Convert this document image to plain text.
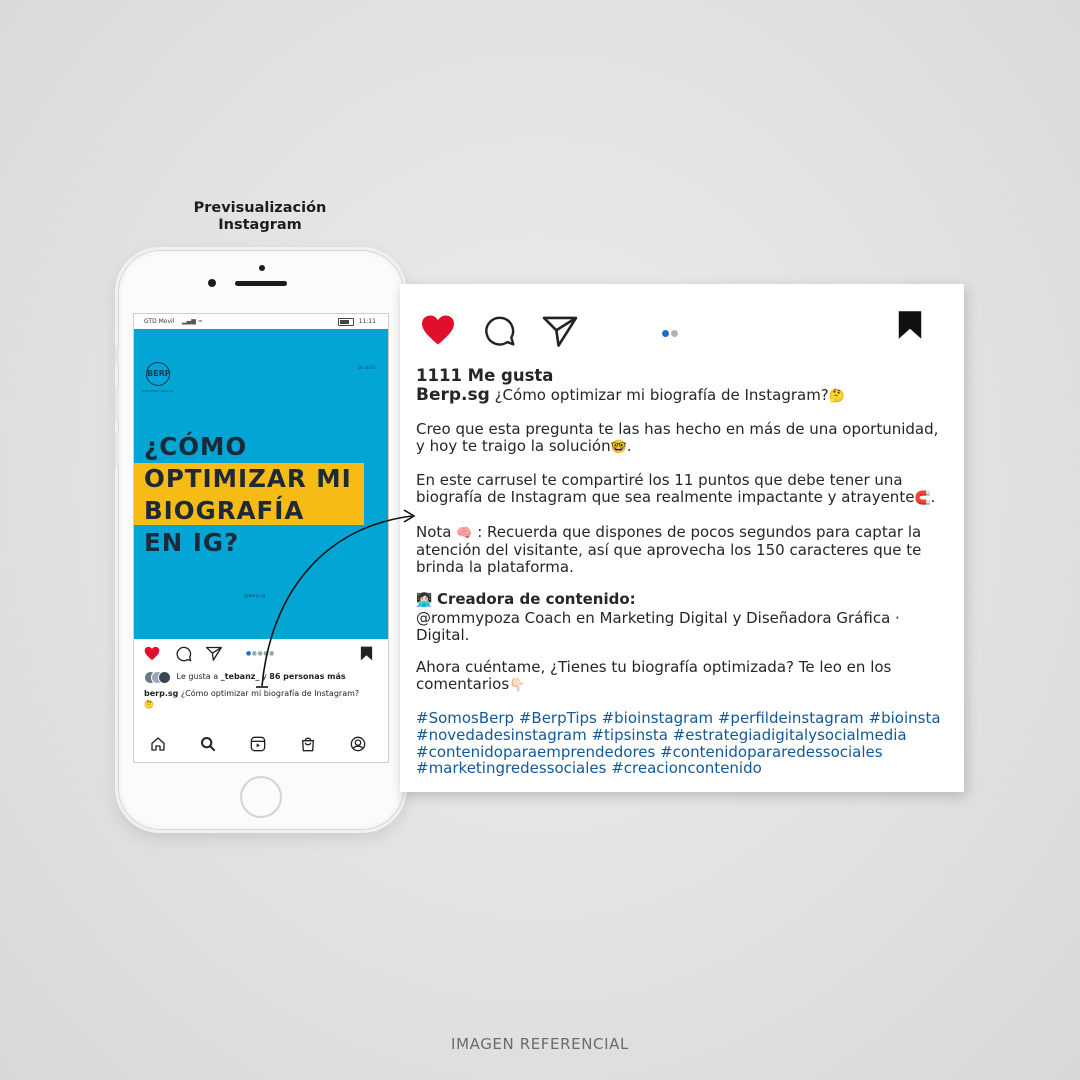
Previsualización
Instagram
GTD Movil ▂▄▆ ≈	11:11
BERP
STRATEGY GROUP
03 ab 01
¿CÓMO
OPTIMIZAR MI
BIOGRAFÍA
EN IG?
@berp.sg
●●●●●
Le gusta a _tebanz_ y 86 personas más
berp.sg ¿Cómo optimizar mi biografía de Instagram?
🤔

1111 Me gusta

Berp.sg ¿Cómo optimizar mi biografía de Instagram?🤔

Creo que esta pregunta te las has hecho en más de una oportunidad, y hoy te traigo la solución🤓.

En este carrusel te compartiré los 11 puntos que debe tener una biografía de Instagram que sea realmente impactante y atrayente🧲.

Nota 🧠 : Recuerda que dispones de pocos segundos para captar la atención del visitante, así que aprovecha los 150 caracteres que te brinda la plataforma.

👩🏻‍💻 Creadora de contenido:

@rommypoza Coach en Marketing Digital y Diseñadora Gráfica · Digital.

Ahora cuéntame, ¿Tienes tu biografía optimizada? Te leo en los comentarios👇🏻

#SomosBerp #BerpTips #bioinstagram #perfildeinstagram #bioinsta #novedadesinstagram #tipsinsta #estrategiadigitalysocialmedia #contenidoparaemprendedores #contenidopararedessociales #marketingredessociales #creacioncontenido

IMAGEN REFERENCIAL
